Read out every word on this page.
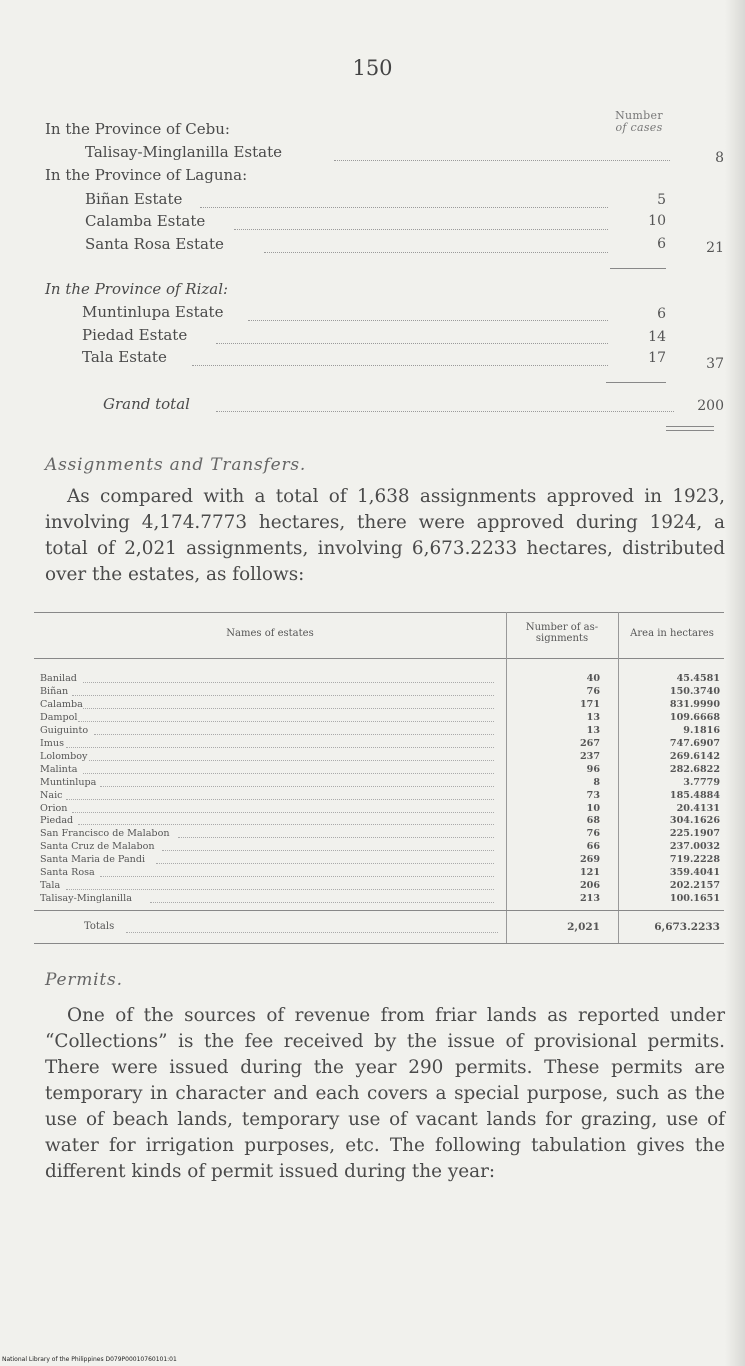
150
Number
of cases
In the Province of Cebu:
Talisay-Minglanilla Estate	8
In the Province of Laguna:
Biñan Estate	5
Calamba Estate	10
Santa Rosa Estate	6	21
In the Province of Rizal:
Muntinlupa Estate	6
Piedad Estate	14
Tala Estate	17	37
Grand total	200
Assignments and Transfers.

As compared with a total of 1,638 assignments approved in 1923, involving 4,174.7773 hectares, there were approved during 1924, a total of 2,021 assignments, involving 6,673.2233 hectares, distributed over the estates, as follows:

Names of estates
Number of as-signments	Area in hectares
Banilad	40	45.4581
Biñan	76	150.3740
Calamba	171	831.9990
Dampol	13	109.6668
Guiguinto	13	9.1816
Imus	267	747.6907
Lolomboy	237	269.6142
Malinta	96	282.6822
Muntinlupa	8	3.7779
Naic	73	185.4884
Orion	10	20.4131
Piedad	68	304.1626
San Francisco de Malabon	76	225.1907
Santa Cruz de Malabon	66	237.0032
Santa Maria de Pandi	269	719.2228
Santa Rosa	121	359.4041
Tala	206	202.2157
Talisay-Minglanilla	213	100.1651
Totals	2,021	6,673.2233
Permits.

One of the sources of revenue from friar lands as reported under “Collections” is the fee received by the issue of provisional permits. There were issued during the year 290 permits. These permits are temporary in character and each covers a special purpose, such as the use of beach lands, temporary use of vacant lands for grazing, use of water for irrigation purposes, etc. The following tabulation gives the different kinds of permit issued during the year:

National Library of the Philippines D079P00010760101:01
